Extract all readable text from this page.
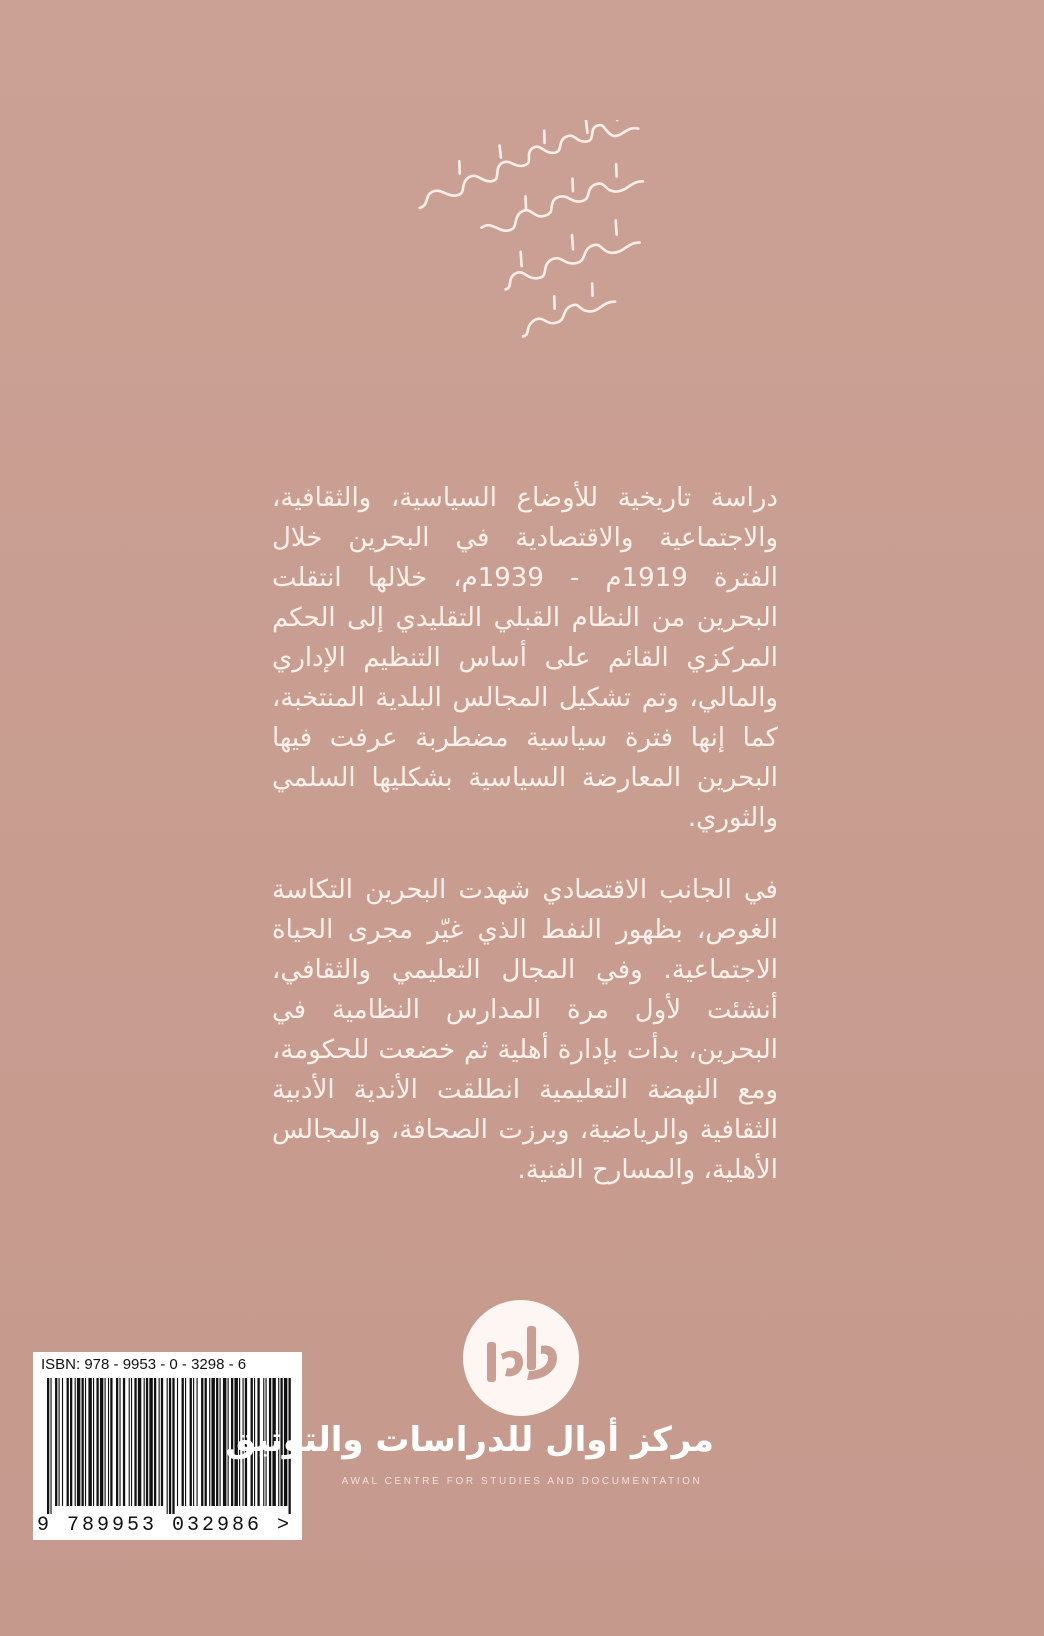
دراسة تاريخية للأوضاع السياسية، والثقافية، والاجتماعية والاقتصادية في البحرين خلال الفترة 1919م - 1939م، خلالها انتقلت البحرين من النظام القبلي التقليدي إلى الحكم المركزي القائم على أساس التنظيم الإداري والمالي، وتم تشكيل المجالس البلدية المنتخبة، كما إنها فترة سياسية مضطربة عرفت فيها البحرين المعارضة السياسية بشكليها السلمي والثوري.

في الجانب الاقتصادي شهدت البحرين التكاسة الغوص، بظهور النفط الذي غيّر مجرى الحياة الاجتماعية. وفي المجال التعليمي والثقافي، أنشئت لأول مرة المدارس النظامية في البحرين، بدأت بإدارة أهلية ثم خضعت للحكومة، ومع النهضة التعليمية انطلقت الأندية الأدبية الثقافية والرياضية، وبرزت الصحافة، والمجالس الأهلية، والمسارح الفنية.

ISBN: 978 - 9953 - 0 - 3298 - 6
9 789953 032986 >
مركز أوال للدراسات والتوثيق
AWAL CENTRE FOR STUDIES AND DOCUMENTATION
